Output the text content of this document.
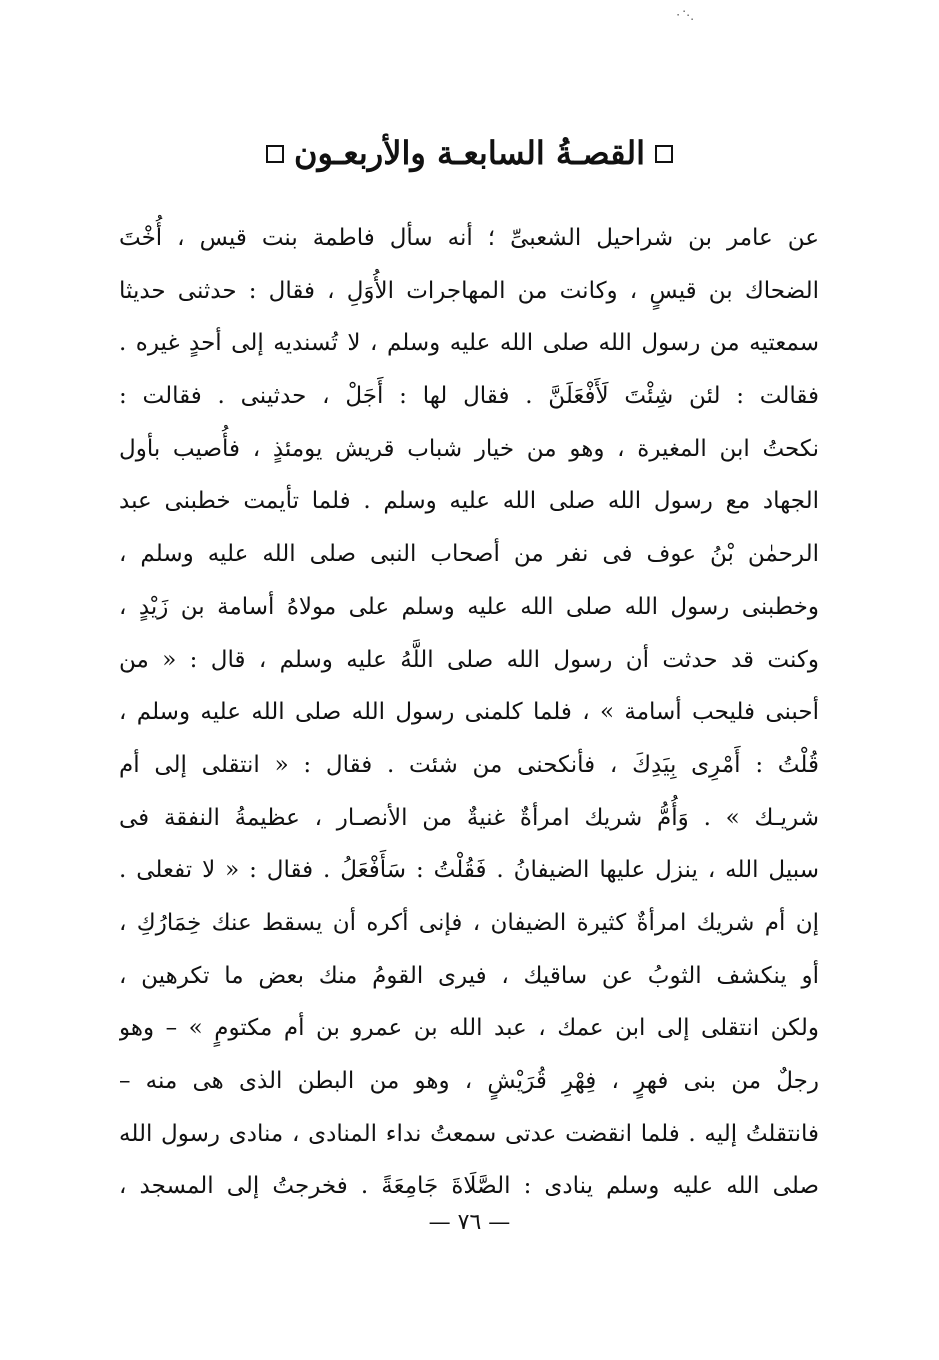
⋰⋅
القصـةُ السابعـة والأربعـون
عن عامر بن شراحيل الشعبىِّ ؛ أنه سأل فاطمة بنت قيس ، أُخْتَ
الضحاك بن قيسٍ ، وكانت من المهاجرات الأُوَلِ ، فقال : حدثنى حديثا
سمعتيه من رسول الله صلى الله عليه وسلم ، لا تُسنديه إلى أحدٍ غيره .
فقالت : لئن شِئْتَ لَأَفْعَلَنَّ . فقال لها : أَجَلْ ، حدثينى . فقالت :
نكحتُ ابن المغيرة ، وهو من خيار شباب قريش يومئذٍ ، فأُصيب بأول
الجهاد مع رسول الله صلى الله عليه وسلم . فلما تأيمت خطبنى عبد
الرحمٰن بْنُ عوف فى نفر من أصحاب النبى صلى الله عليه وسلم ،
وخطبنى رسول الله صلى الله عليه وسلم على مولاهُ أسامة بن زَيْدٍ ،
وكنت قد حدثت أن رسول الله صلى اللَّهُ عليه وسلم ، قال : « من
أحبنى فليحب أسامة » ، فلما كلمنى رسول الله صلى الله عليه وسلم ،
قُلْتُ : أَمْرِى بِيَدِكَ ، فأنكحنى من شئت . فقال : « انتقلى إلى أم
شريـك » . وَأُمُّ شريك امرأةٌ غنيةٌ من الأنصـار ، عظيمةُ النفقة فى
سبيل الله ، ينزل عليها الضيفانُ . فَقُلْتُ : سَأَفْعَلُ . فقال : « لا تفعلى .
إن أم شريك امرأةٌ كثيرة الضيفان ، فإنى أكره أن يسقط عنك خِمَارُكِ ،
أو ينكشف الثوبُ عن ساقيك ، فيرى القومُ منك بعض ما تكرهين ،
ولكن انتقلى إلى ابن عمك ، عبد الله بن عمرو بن أم مكتومٍ » – وهو
رجلٌ من بنى فهرٍ ، فِهْرِ قُرَيْشٍ ، وهو من البطن الذى هى منه –
فانتقلتُ إليه . فلما انقضت عدتى سمعتُ نداء المنادى ، منادى رسول الله
صلى الله عليه وسلم ينادى : الصَّلَاةَ جَامِعَةً . فخرجتُ إلى المسجد ،
— ٧٦ —
